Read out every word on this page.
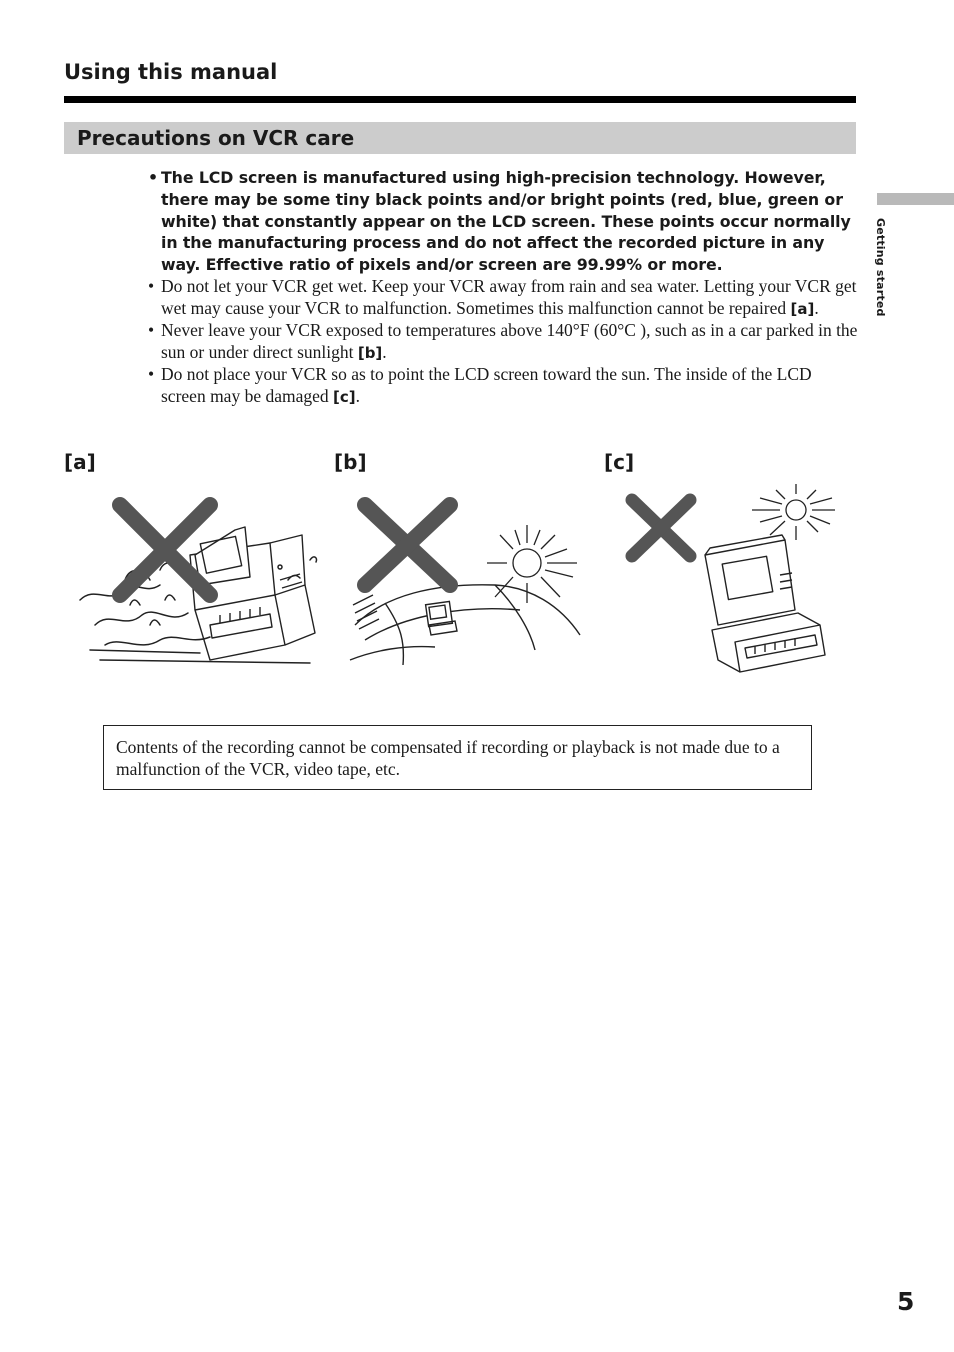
Using this manual
Precautions on VCR care
Getting started
• The LCD screen is manufactured using high-precision technology. However, there may be some tiny black points and/or bright points (red, blue, green or white) that constantly appear on the LCD screen. These points occur normally in the manufacturing process and do not affect the recorded picture in any way. Effective ratio of pixels and/or screen are 99.99% or more.
• Do not let your VCR get wet. Keep your VCR away from rain and sea water. Letting your VCR get wet may cause your VCR to malfunction. Sometimes this malfunction cannot be repaired [a].
• Never leave your VCR exposed to temperatures above 140°F (60°C ), such as in a car parked in the sun or under direct sunlight [b].
• Do not place your VCR so as to point the LCD screen toward the sun. The inside of the LCD screen may be damaged [c].
[a]	[b]	[c]
Contents of the recording cannot be compensated if recording or playback is not made due to a malfunction of the VCR, video tape, etc.
5
